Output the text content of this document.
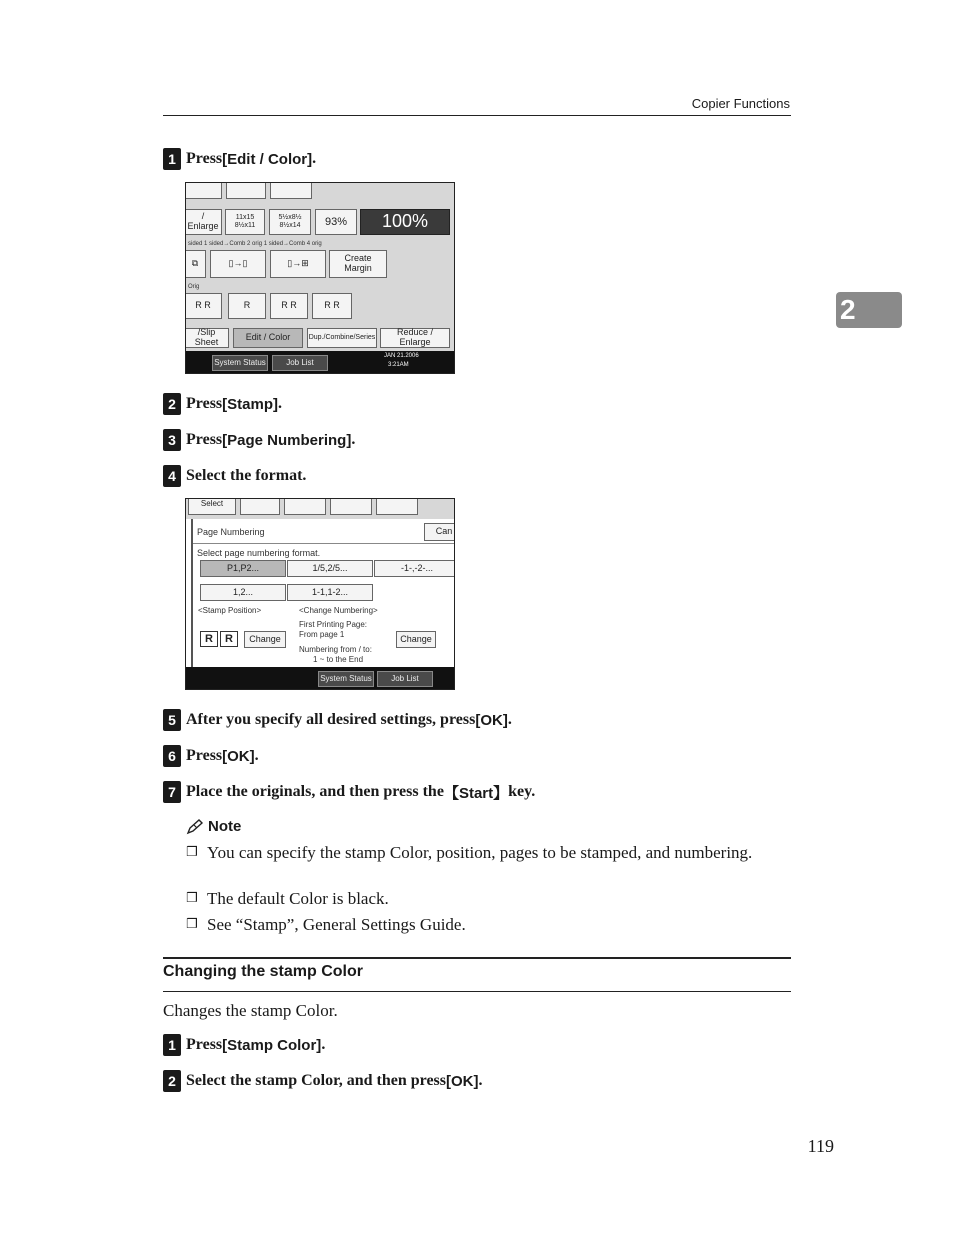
Copier Functions
2
1 Press [Edit / Color] .
/ Enlarge
11x15
8½x11
5½x8½
8½x14	93%	100%
sided 1 sided→Comb 2 orig 1 sided→Comb 4 orig
⧉	▯→▯	▯→⊞	Create Margin
Orig
R R	R	R R	R R
/Slip Sheet	Edit / Color	Dup./Combine/Series
Reduce / Enlarge
System Status	Job List
JAN 21.2006
3:21AM
2 Press [Stamp] .
3 Press [Page Numbering] .
4 Select the format.
Select
Page Numbering	Can
Select page numbering format.
P1,P2...	1/5,2/5...	-1-,-2-...
1,2...	1-1,1-2...
<Stamp Position>	<Change Numbering>
First Printing Page:
From page 1
Numbering from / to:
1 ~ to the End
R	R	Change	Change
System Status	Job List
5 After you specify all desired settings, press [OK] .
6 Press [OK] .
7 Place the originals, and then press the 【Start】 key.
Note
❒ You can specify the stamp Color, position, pages to be stamped, and numbering.
❒ The default Color is black.
❒ See “Stamp”, General Settings Guide.
Changing the stamp Color
Changes the stamp Color.
1 Press [Stamp Color] .
2 Select the stamp Color, and then press [OK] .
119
